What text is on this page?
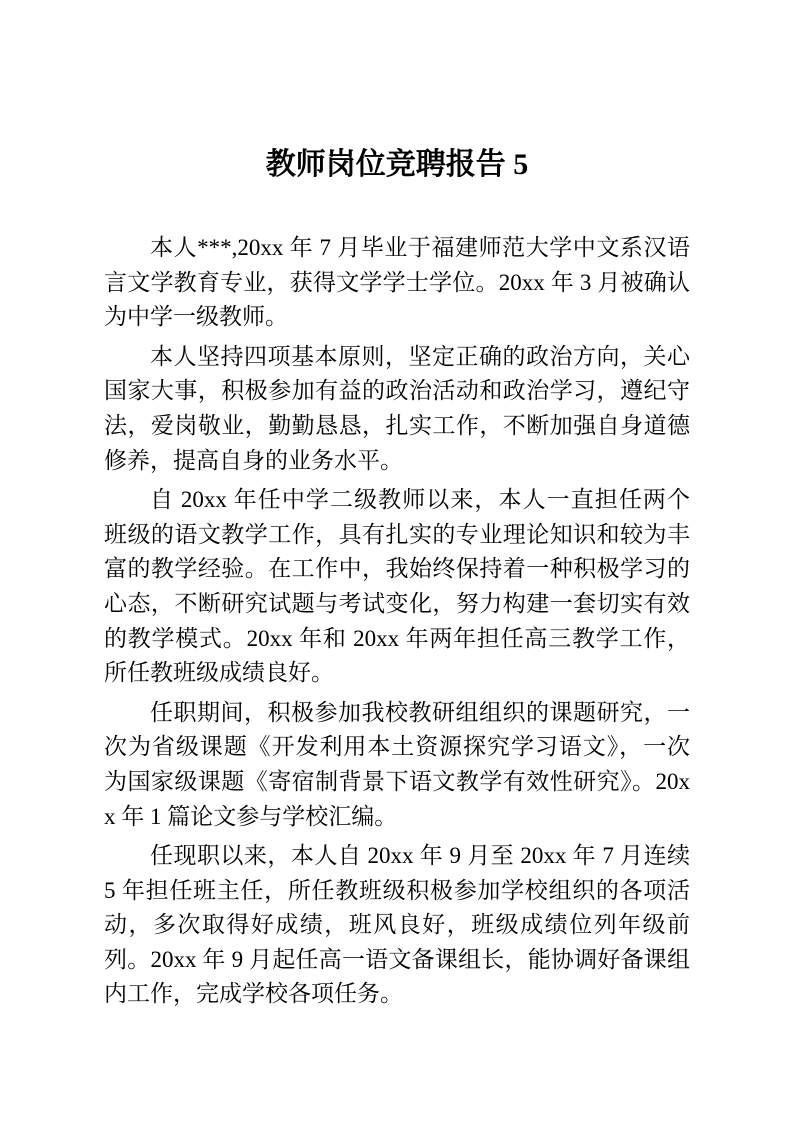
教师岗位竞聘报告 5

本人***,20xx 年 7 月毕业于福建师范大学中文系汉语言文学教育专业，获得文学学士学位。20xx 年 3 月被确认为中学一级教师。

本人坚持四项基本原则，坚定正确的政治方向，关心国家大事，积极参加有益的政治活动和政治学习，遵纪守法，爱岗敬业，勤勤恳恳，扎实工作，不断加强自身道德修养，提高自身的业务水平。

自 20xx 年任中学二级教师以来，本人一直担任两个班级的语文教学工作，具有扎实的专业理论知识和较为丰富的教学经验。在工作中，我始终保持着一种积极学习的心态，不断研究试题与考试变化，努力构建一套切实有效的教学模式。20xx 年和 20xx 年两年担任高三教学工作，所任教班级成绩良好。

任职期间，积极参加我校教研组组织的课题研究，一次为省级课题《开发利用本土资源探究学习语文》，一次为国家级课题《寄宿制背景下语文教学有效性研究》。20xx 年 1 篇论文参与学校汇编。

任现职以来，本人自 20xx 年 9 月至 20xx 年 7 月连续 5 年担任班主任，所任教班级积极参加学校组织的各项活动，多次取得好成绩，班风良好，班级成绩位列年级前列。20xx 年 9 月起任高一语文备课组长，能协调好备课组内工作，完成学校各项任务。
